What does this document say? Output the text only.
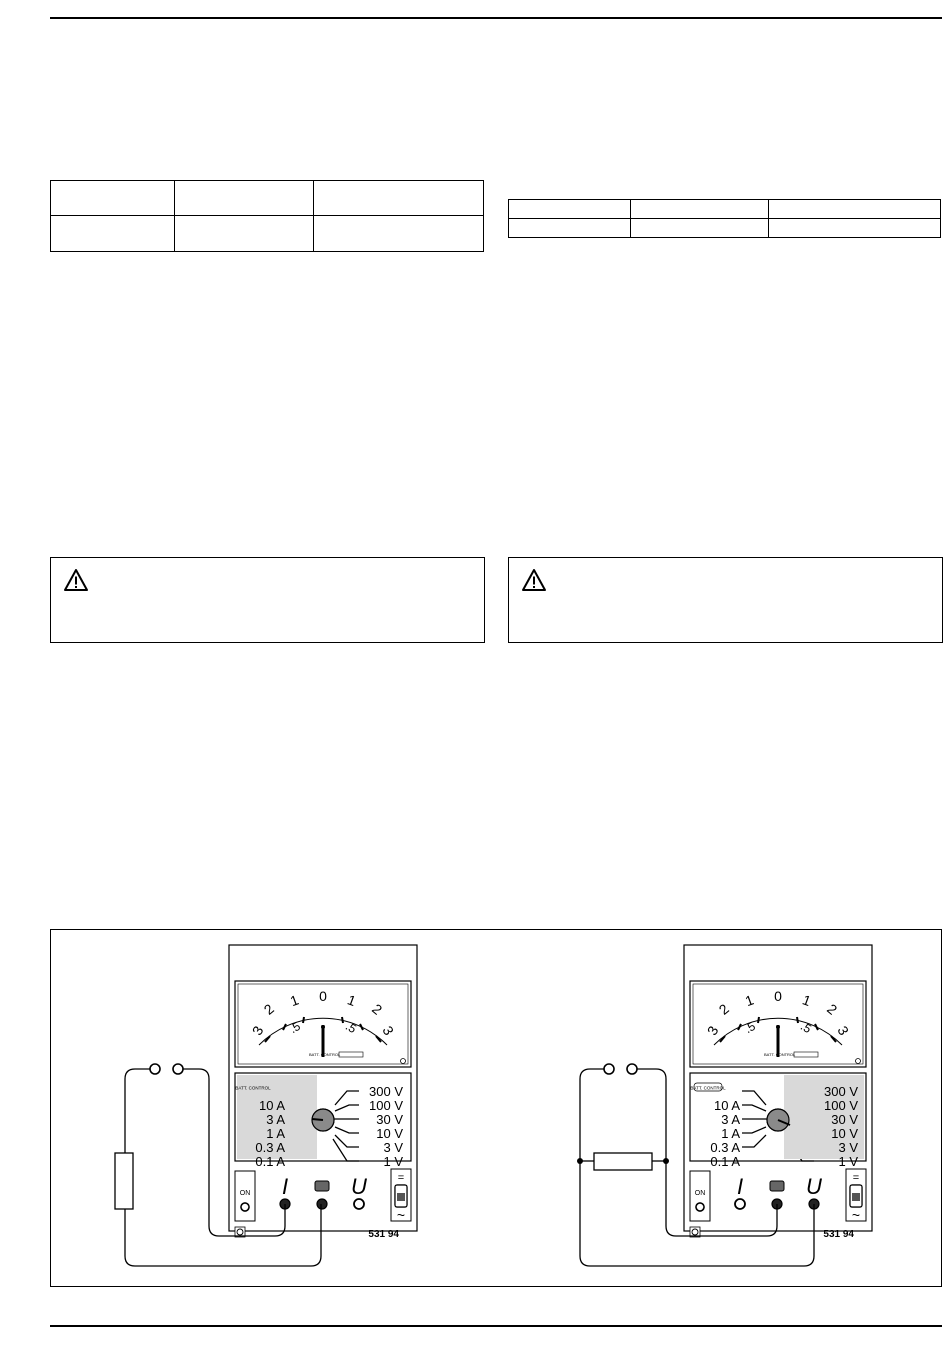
3
2
1 0 1
2
3
.5	.5
BATT. CONTROL
BATT. CONTROL
10 A
3 A
1 A
0.3 A
0.1 A
300 V
100 V
30 V
10 V
3 V
1 V
ON I	U	=
~
531 94
3
2
1 0 1
2
3
.5	.5
BATT. CONTROL
BATT. CONTROL
10 A
3 A
1 A
0.3 A
0.1 A
300 V
100 V
30 V
10 V
3 V
1 V
ON I	U	=
~
531 94
